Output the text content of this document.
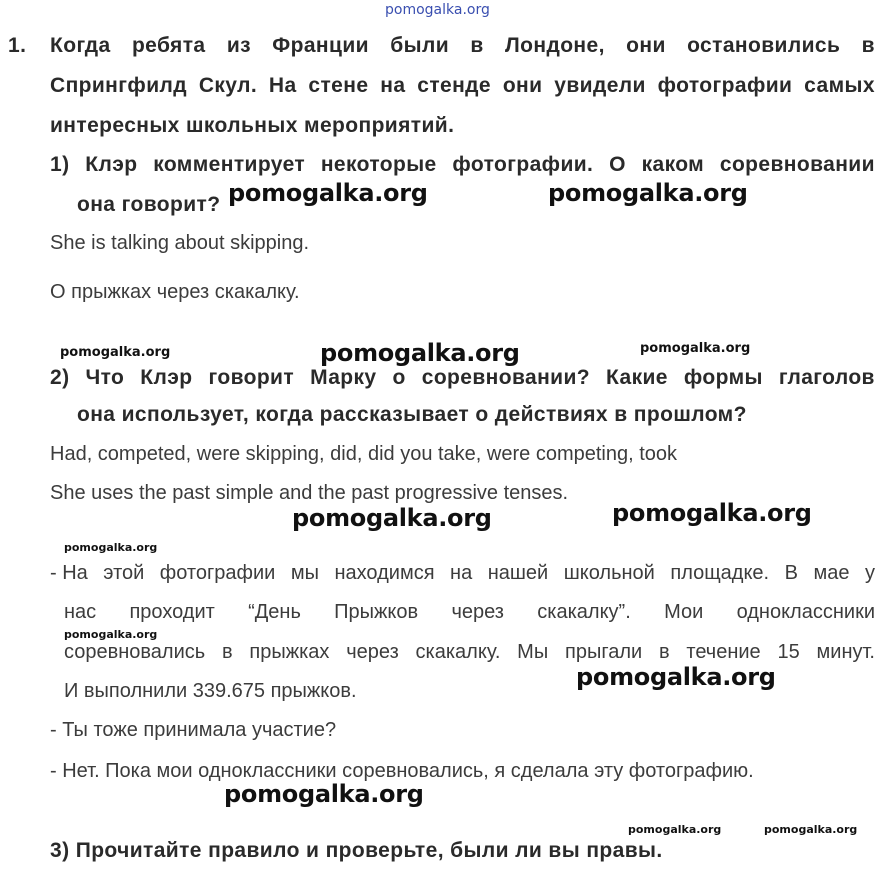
pomogalka.org
1. Когда ребята из Франции были в Лондоне, они остановились в
Спрингфилд Скул. На стене на стенде они увидели фотографии самых
интересных школьных мероприятий.
1) Клэр комментирует некоторые фотографии. О каком соревновании
она говорит? pomogalka.org	pomogalka.org
She is talking about skipping.
О прыжках через скакалку.
pomogalka.org	pomogalka.org	pomogalka.org
2) Что Клэр говорит Марку о соревновании? Какие формы глаголов
она использует, когда рассказывает о действиях в прошлом?
Had, competed, were skipping, did, did you take, were competing, took
She uses the past simple and the past progressive tenses.
pomogalka.org	pomogalka.org
pomogalka.org
- На этой фотографии мы находимся на нашей школьной площадке. В мае у
нас проходит “День Прыжков через скакалку”. Мои одноклассники
pomogalka.org
соревновались в прыжках через скакалку. Мы прыгали в течение 15 минут.
И выполнили 339.675 прыжков.	pomogalka.org
- Ты тоже принимала участие?
- Нет. Пока мои одноклассники соревновались, я сделала эту фотографию.
pomogalka.org
pomogalka.org	pomogalka.org
3) Прочитайте правило и проверьте, были ли вы правы.
